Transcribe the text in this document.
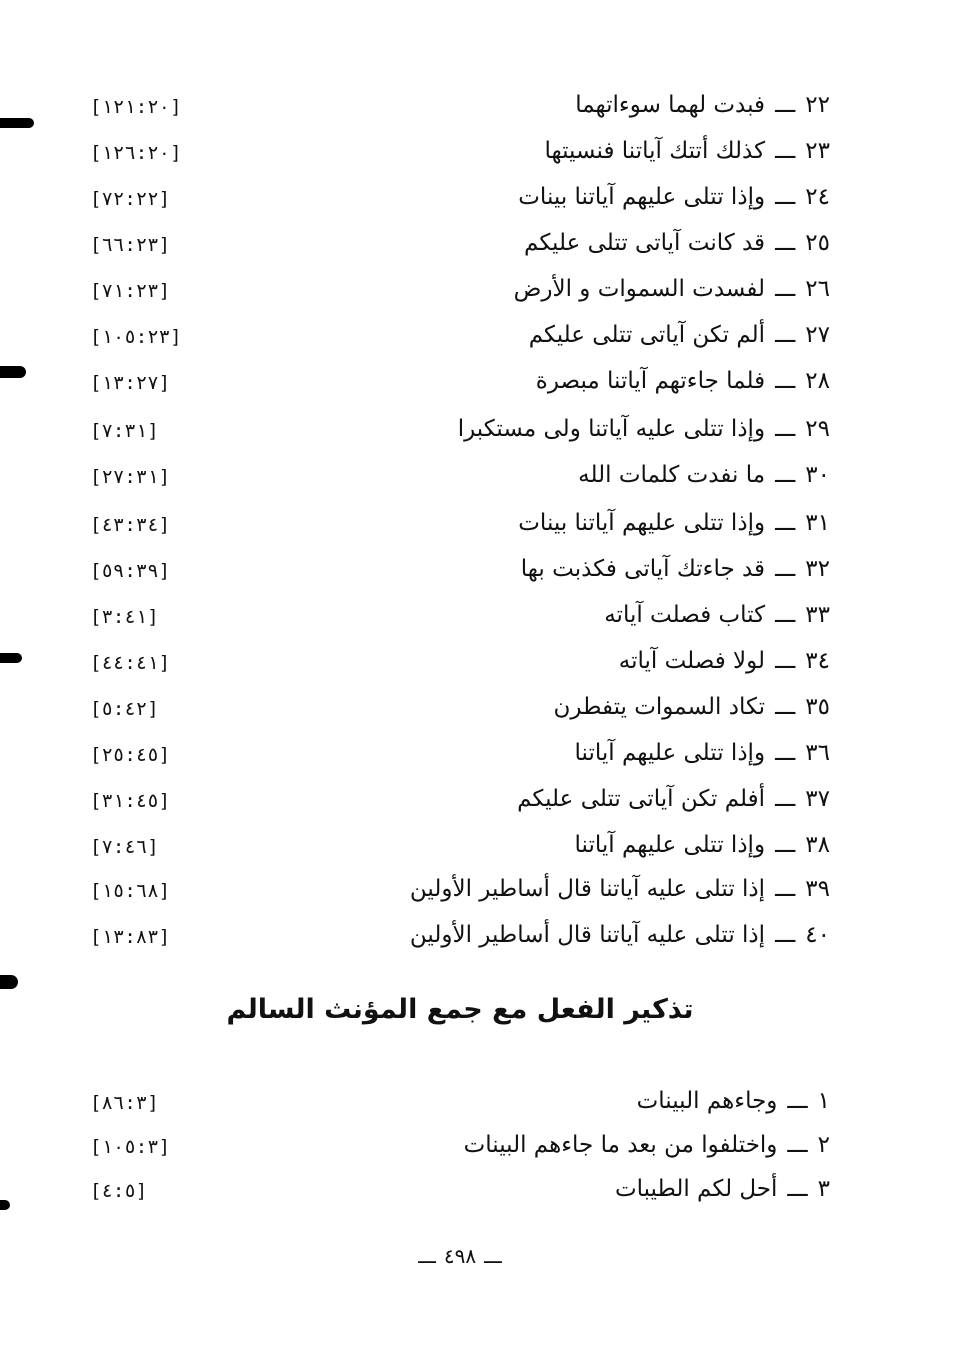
[١٢١:٢٠]	٢٢ـــفبدت لهما سوءاتهما
[١٢٦:٢٠]	٢٣ـــكذلك أتتك آياتنا فنسيتها
[٧٢:٢٢]	٢٤ـــوإذا تتلى عليهم آياتنا بينات
[٦٦:٢٣]	٢٥ـــقد كانت آياتى تتلى عليكم
[٧١:٢٣]	٢٦ـــلفسدت السموات و الأرض
[١٠٥:٢٣]	٢٧ـــألم تكن آياتى تتلى عليكم
[١٣:٢٧]	٢٨ـــفلما جاءتهم آياتنا مبصرة
[٧:٣١]	٢٩ـــوإذا تتلى عليه آياتنا ولى مستكبرا
[٢٧:٣١]	٣٠ـــما نفدت كلمات الله
[٤٣:٣٤]	٣١ـــوإذا تتلى عليهم آياتنا بينات
[٥٩:٣٩]	٣٢ـــقد جاءتك آياتى فكذبت بها
[٣:٤١]	٣٣ـــكتاب فصلت آياته
[٤٤:٤١]	٣٤ـــلولا فصلت آياته
[٥:٤٢]	٣٥ـــتكاد السموات يتفطرن
[٢٥:٤٥]	٣٦ـــوإذا تتلى عليهم آياتنا
[٣١:٤٥]	٣٧ـــأفلم تكن آياتى تتلى عليكم
[٧:٤٦]	٣٨ـــوإذا تتلى عليهم آياتنا
[١٥:٦٨]	٣٩ـــإذا تتلى عليه آياتنا قال أساطير الأولين
[١٣:٨٣]	٤٠ـــإذا تتلى عليه آياتنا قال أساطير الأولين
تذكير الفعل مع جمع المؤنث السالم
[٨٦:٣]	١ـــوجاءهم البينات
[١٠٥:٣]	٢ـــواختلفوا من بعد ما جاءهم البينات
[٤:٥]	٣ـــأحل لكم الطيبات
ـــ ٤٩٨ ـــ
